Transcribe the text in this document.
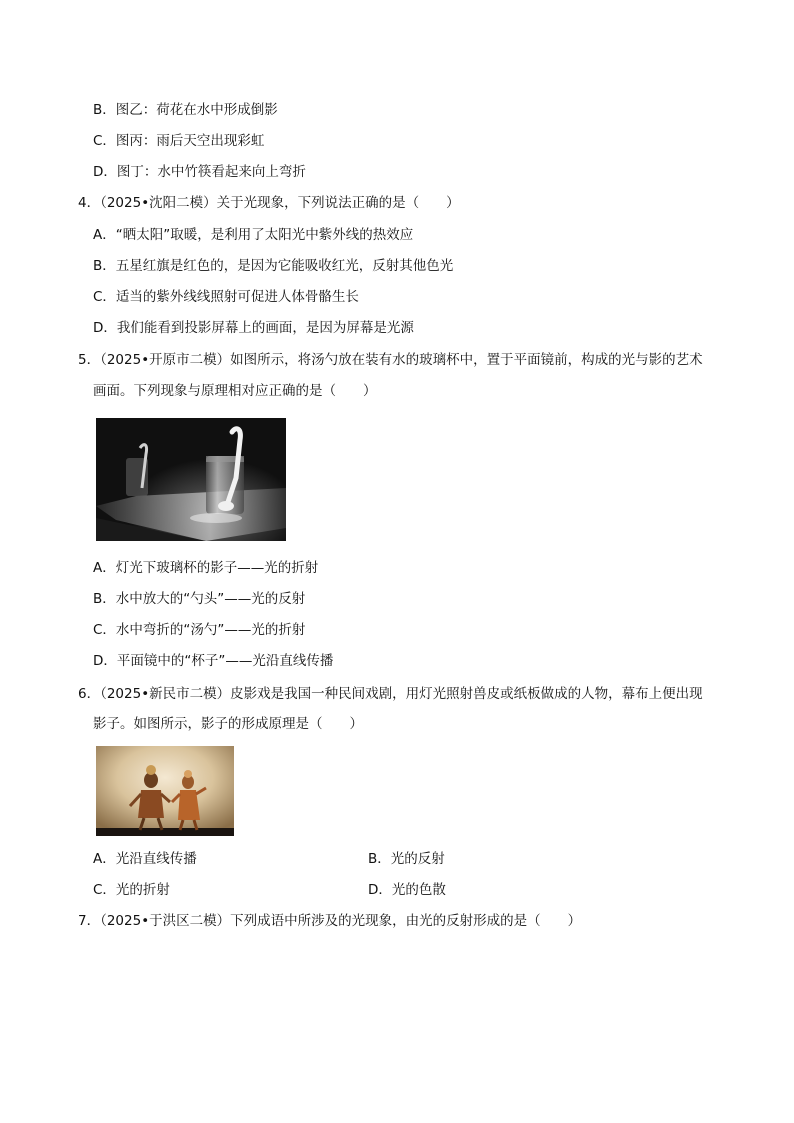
B．图乙：荷花在水中形成倒影
C．图丙：雨后天空出现彩虹
D．图丁：水中竹筷看起来向上弯折
4．（2025•沈阳二模）关于光现象，下列说法正确的是（　　）
A．“晒太阳”取暖，是利用了太阳光中紫外线的热效应
B．五星红旗是红色的，是因为它能吸收红光，反射其他色光
C．适当的紫外线线照射可促进人体骨骼生长
D．我们能看到投影屏幕上的画面，是因为屏幕是光源
5．（2025•开原市二模）如图所示，将汤勺放在装有水的玻璃杯中，置于平面镜前，构成的光与影的艺术
画面。下列现象与原理相对应正确的是（　　）
A．灯光下玻璃杯的影子——光的折射
B．水中放大的“勺头”——光的反射
C．水中弯折的“汤勺”——光的折射
D．平面镜中的“杯子”——光沿直线传播
6．（2025•新民市二模）皮影戏是我国一种民间戏剧，用灯光照射兽皮或纸板做成的人物，幕布上便出现
影子。如图所示，影子的形成原理是（　　）
A．光沿直线传播	B．光的反射
C．光的折射	D．光的色散
7．（2025•于洪区二模）下列成语中所涉及的光现象，由光的反射形成的是（　　）
